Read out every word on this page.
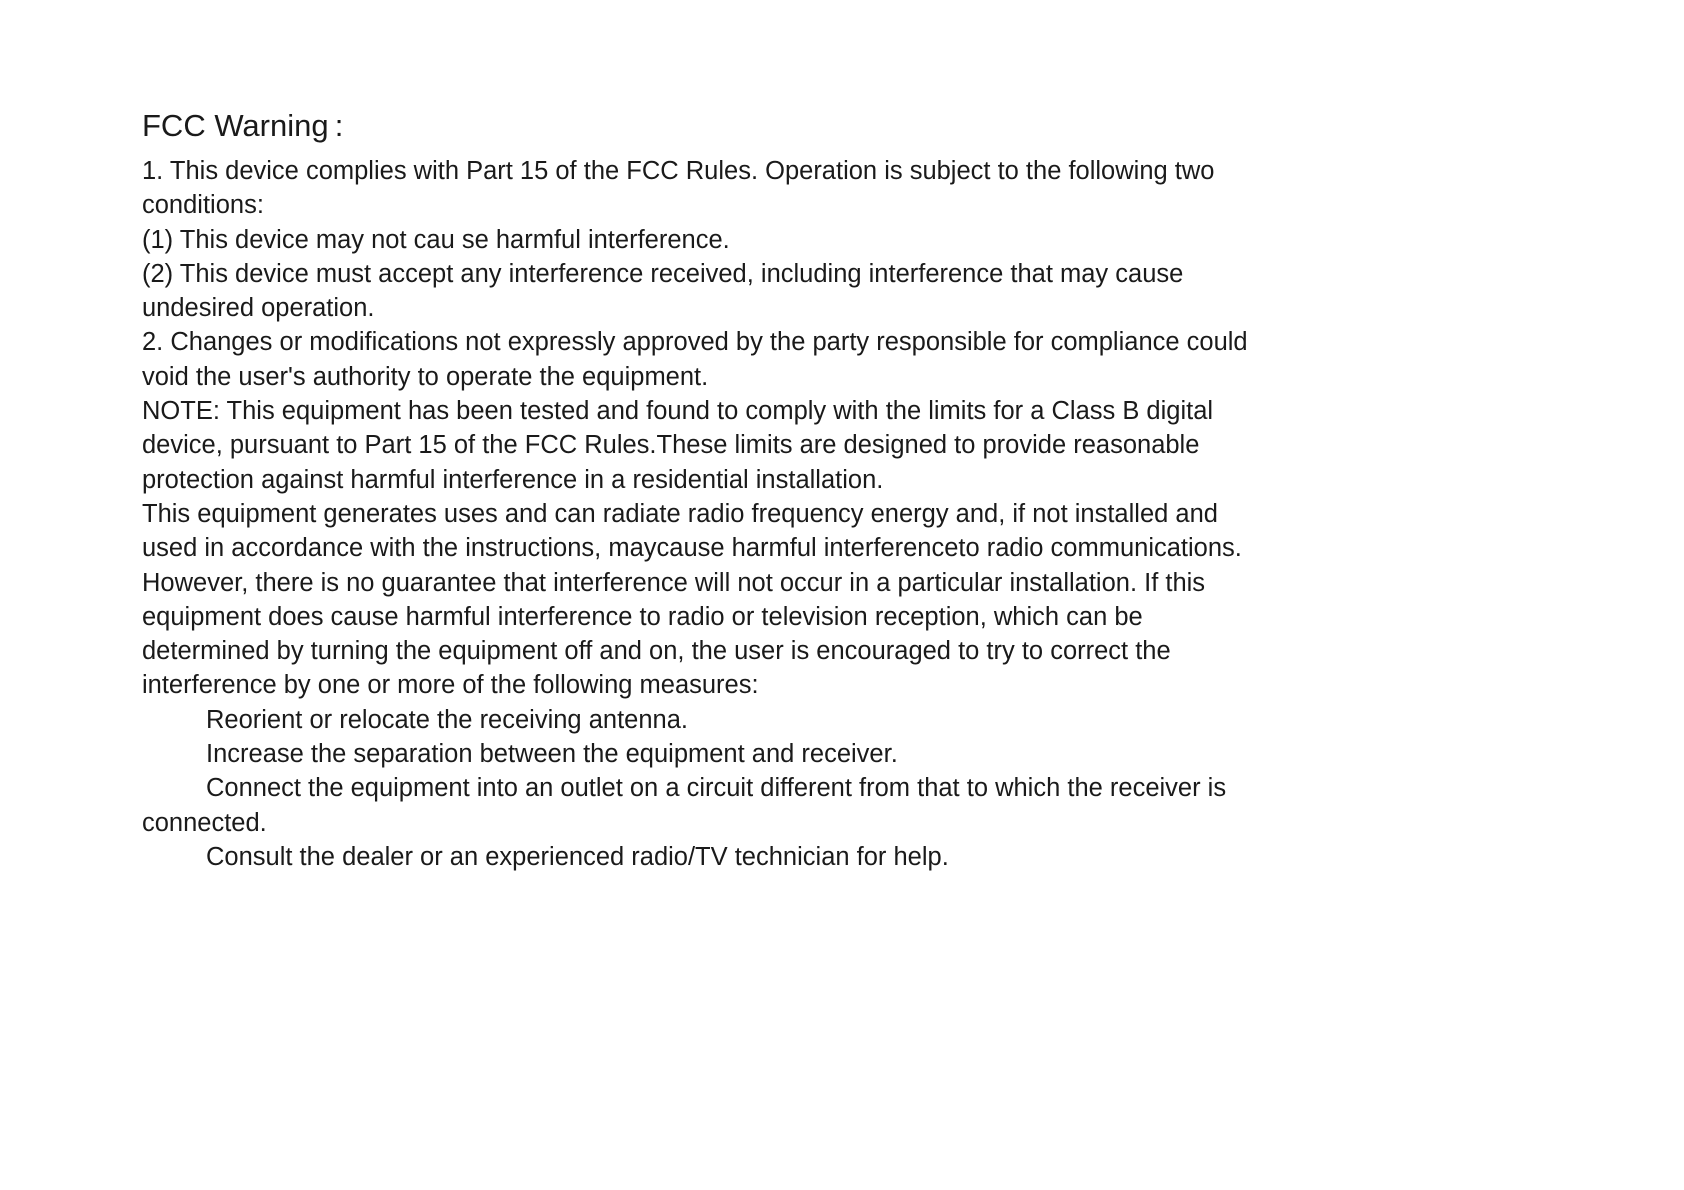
FCC Warning :
1. This device complies with Part 15 of the FCC Rules. Operation is subject to the following two
conditions:
(1) This device may not cau se harmful interference.
(2) This device must accept any interference received, including interference that may cause
undesired operation.
2. Changes or modifications not expressly approved by the party responsible for compliance could
void the user's authority to operate the equipment.
NOTE: This equipment has been tested and found to comply with the limits for a Class B digital
device, pursuant to Part 15 of the FCC Rules.These limits are designed to provide reasonable
protection against harmful interference in a residential installation.
This equipment generates uses and can radiate radio frequency energy and, if not installed and
used in accordance with the instructions, maycause harmful interferenceto radio communications.
However, there is no guarantee that interference will not occur in a particular installation. If this
equipment does cause harmful interference to radio or television reception, which can be
determined by turning the equipment off and on, the user is encouraged to try to correct the
interference by one or more of the following measures:
Reorient or relocate the receiving antenna.
Increase the separation between the equipment and receiver.
Connect the equipment into an outlet on a circuit different from that to which the receiver is
connected.
Consult the dealer or an experienced radio/TV technician for help.
